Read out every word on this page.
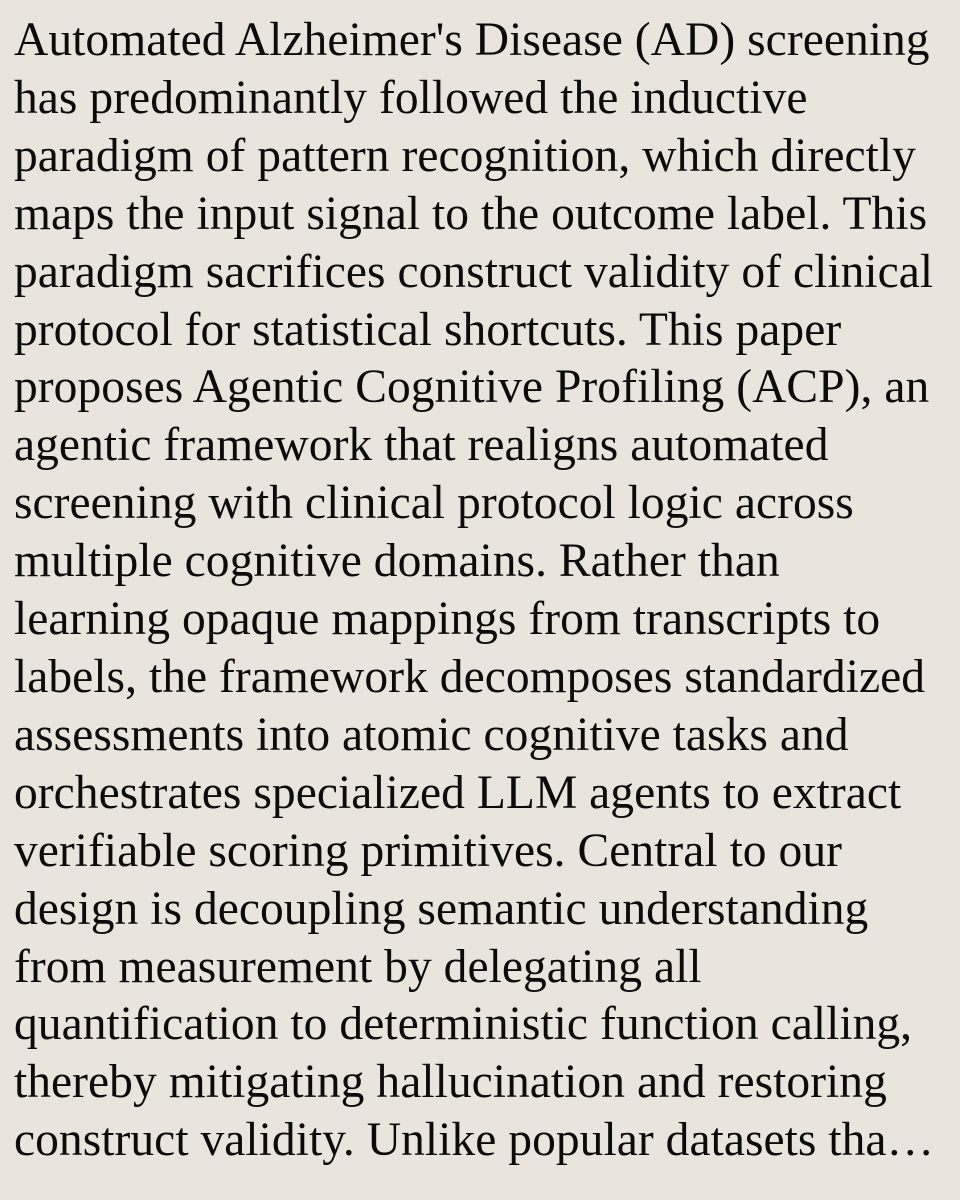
Automated Alzheimer's Disease (AD) screening
has predominantly followed the inductive
paradigm of pattern recognition, which directly
maps the input signal to the outcome label. This
paradigm sacrifices construct validity of clinical
protocol for statistical shortcuts. This paper
proposes Agentic Cognitive Profiling (ACP), an
agentic framework that realigns automated
screening with clinical protocol logic across
multiple cognitive domains. Rather than
learning opaque mappings from transcripts to
labels, the framework decomposes standardized
assessments into atomic cognitive tasks and
orchestrates specialized LLM agents to extract
verifiable scoring primitives. Central to our
design is decoupling semantic understanding
from measurement by delegating all
quantification to deterministic function calling,
thereby mitigating hallucination and restoring
construct validity. Unlike popular datasets tha…
